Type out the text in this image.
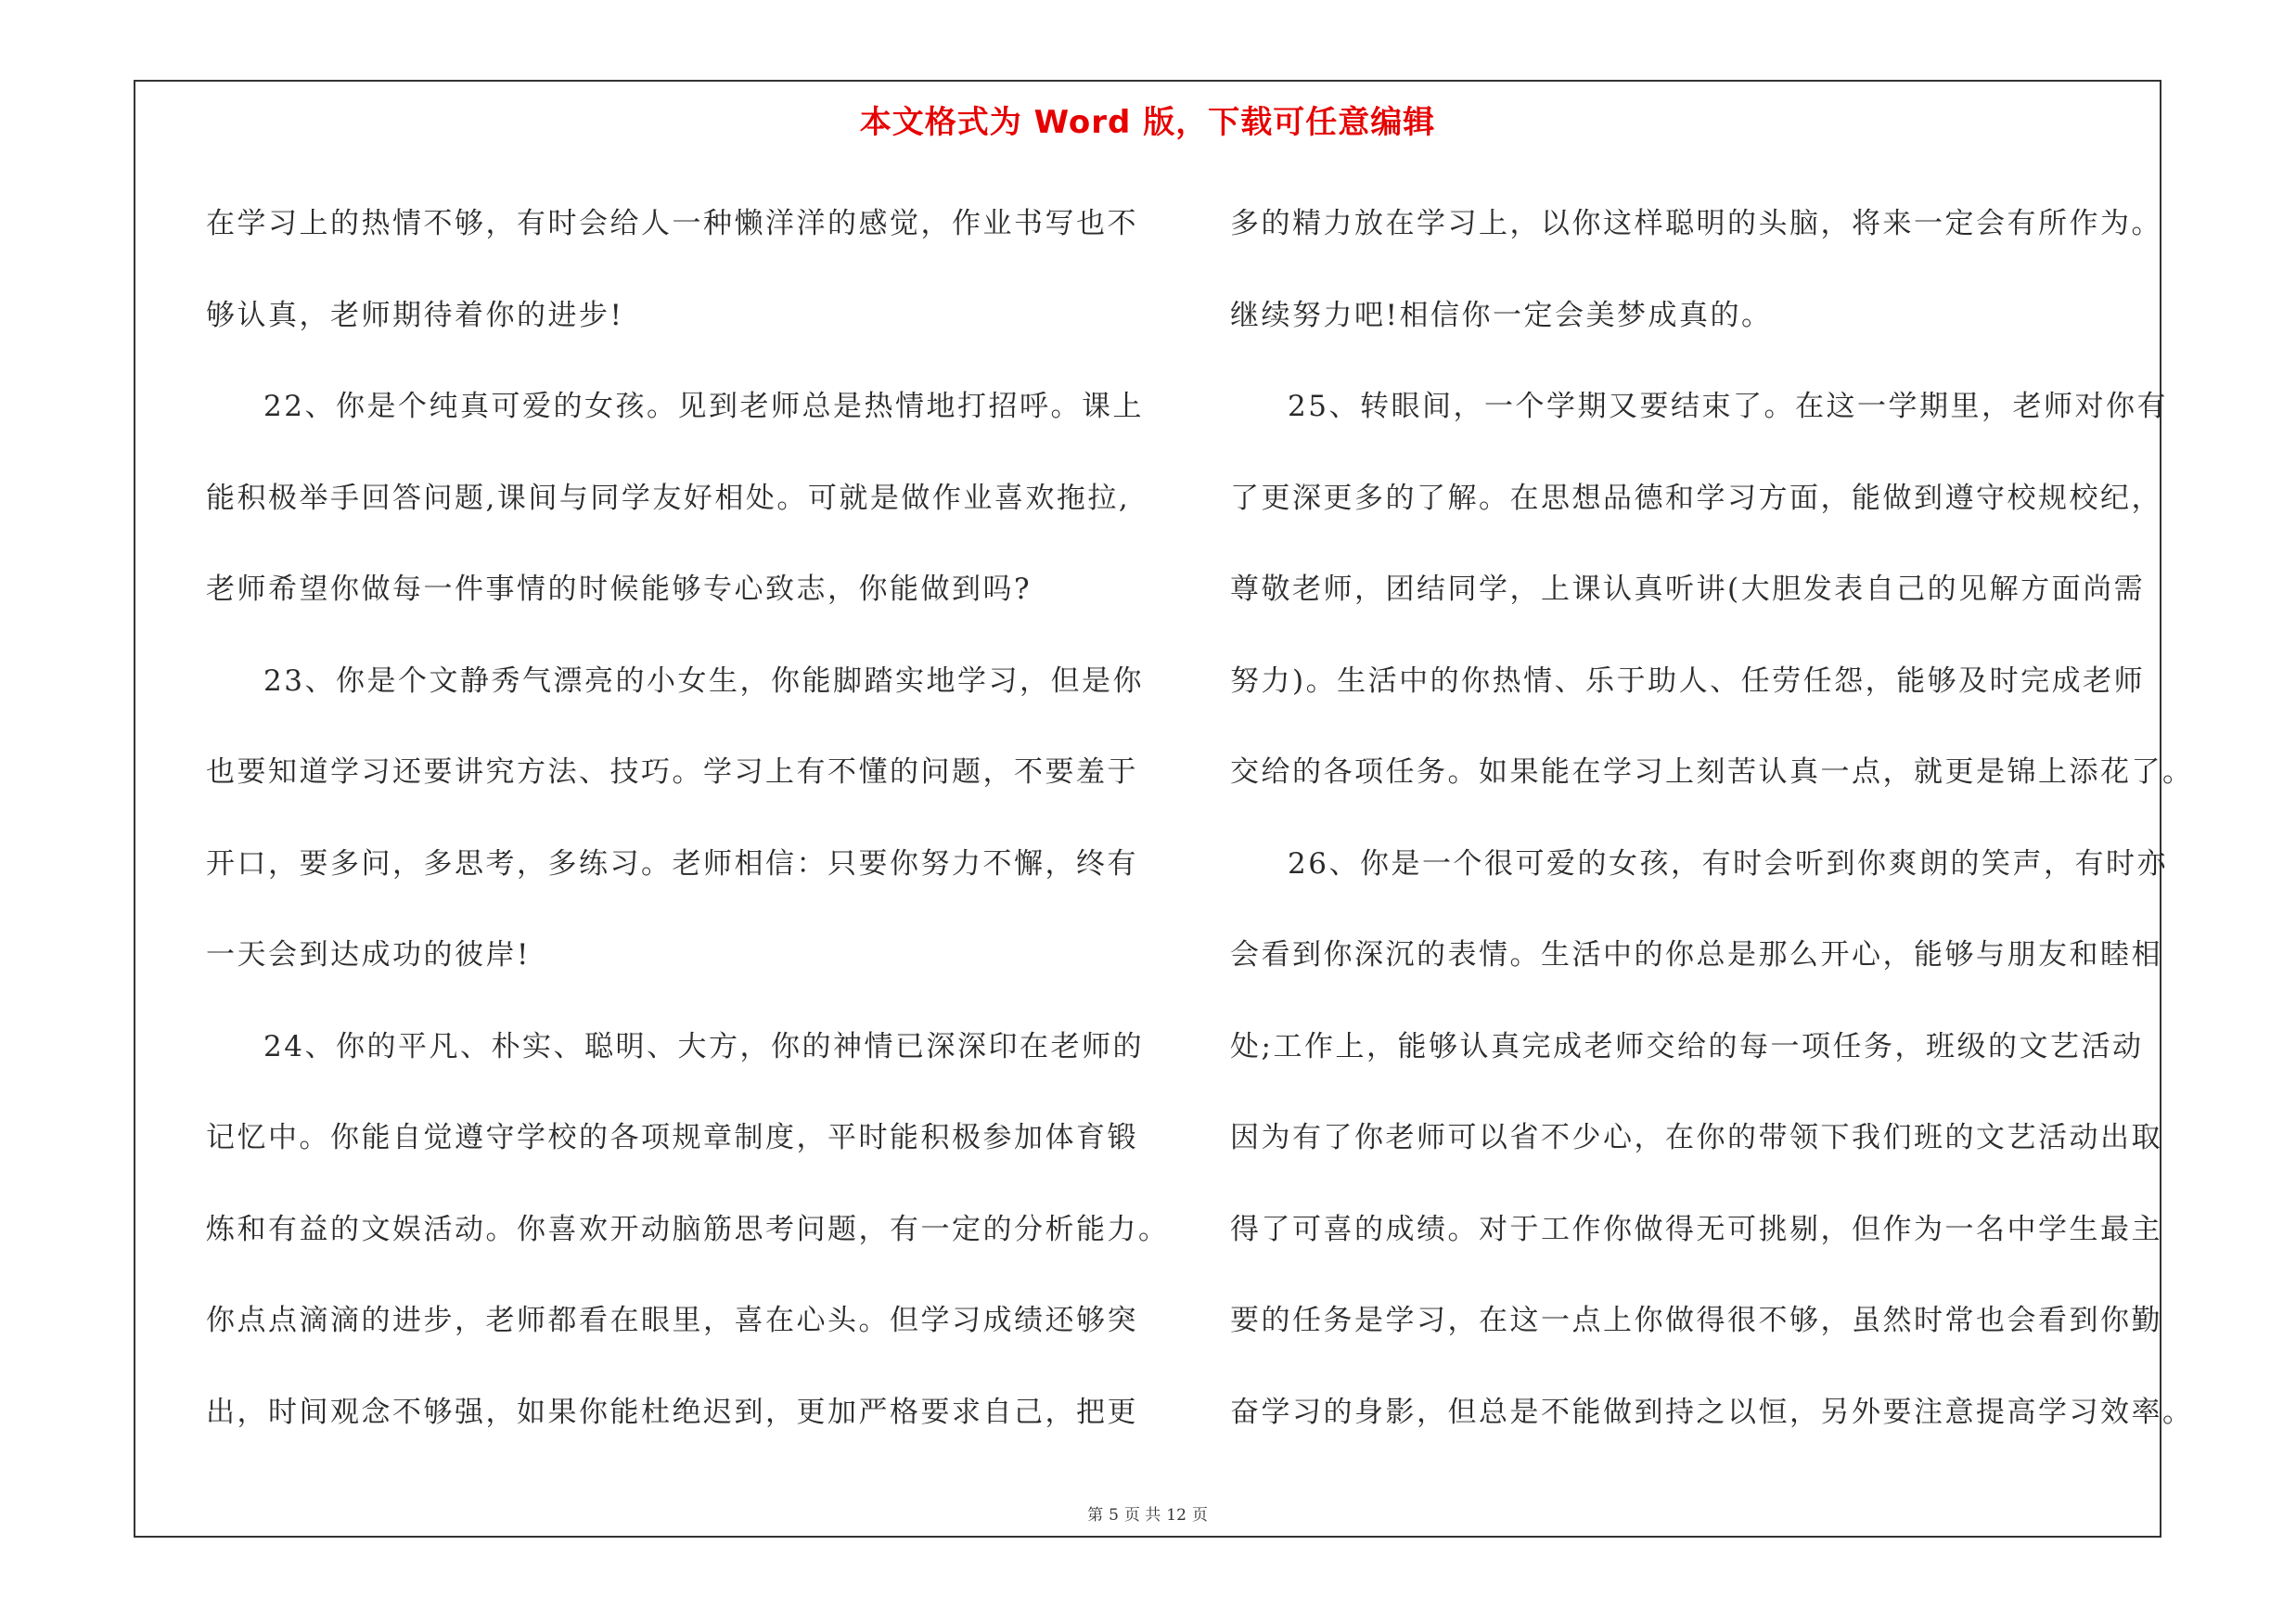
本文格式为 Word 版，下载可任意编辑
在学习上的热情不够，有时会给人一种懒洋洋的感觉，作业书写也不
够认真，老师期待着你的进步!
22、你是个纯真可爱的女孩。见到老师总是热情地打招呼。课上
能积极举手回答问题,课间与同学友好相处。可就是做作业喜欢拖拉,
老师希望你做每一件事情的时候能够专心致志，你能做到吗?
23、你是个文静秀气漂亮的小女生，你能脚踏实地学习，但是你
也要知道学习还要讲究方法、技巧。学习上有不懂的问题，不要羞于
开口，要多问，多思考，多练习。老师相信：只要你努力不懈，终有
一天会到达成功的彼岸!
24、你的平凡、朴实、聪明、大方，你的神情已深深印在老师的
记忆中。你能自觉遵守学校的各项规章制度，平时能积极参加体育锻
炼和有益的文娱活动。你喜欢开动脑筋思考问题，有一定的分析能力。
你点点滴滴的进步，老师都看在眼里，喜在心头。但学习成绩还够突
出，时间观念不够强，如果你能杜绝迟到，更加严格要求自己，把更
多的精力放在学习上，以你这样聪明的头脑，将来一定会有所作为。
继续努力吧!相信你一定会美梦成真的。
25、转眼间，一个学期又要结束了。在这一学期里，老师对你有
了更深更多的了解。在思想品德和学习方面，能做到遵守校规校纪，
尊敬老师，团结同学，上课认真听讲(大胆发表自己的见解方面尚需
努力)。生活中的你热情、乐于助人、任劳任怨，能够及时完成老师
交给的各项任务。如果能在学习上刻苦认真一点，就更是锦上添花了。
26、你是一个很可爱的女孩，有时会听到你爽朗的笑声，有时亦
会看到你深沉的表情。生活中的你总是那么开心，能够与朋友和睦相
处;工作上，能够认真完成老师交给的每一项任务，班级的文艺活动
因为有了你老师可以省不少心，在你的带领下我们班的文艺活动出取
得了可喜的成绩。对于工作你做得无可挑剔，但作为一名中学生最主
要的任务是学习，在这一点上你做得很不够，虽然时常也会看到你勤
奋学习的身影，但总是不能做到持之以恒，另外要注意提高学习效率。
第 5 页 共 12 页
